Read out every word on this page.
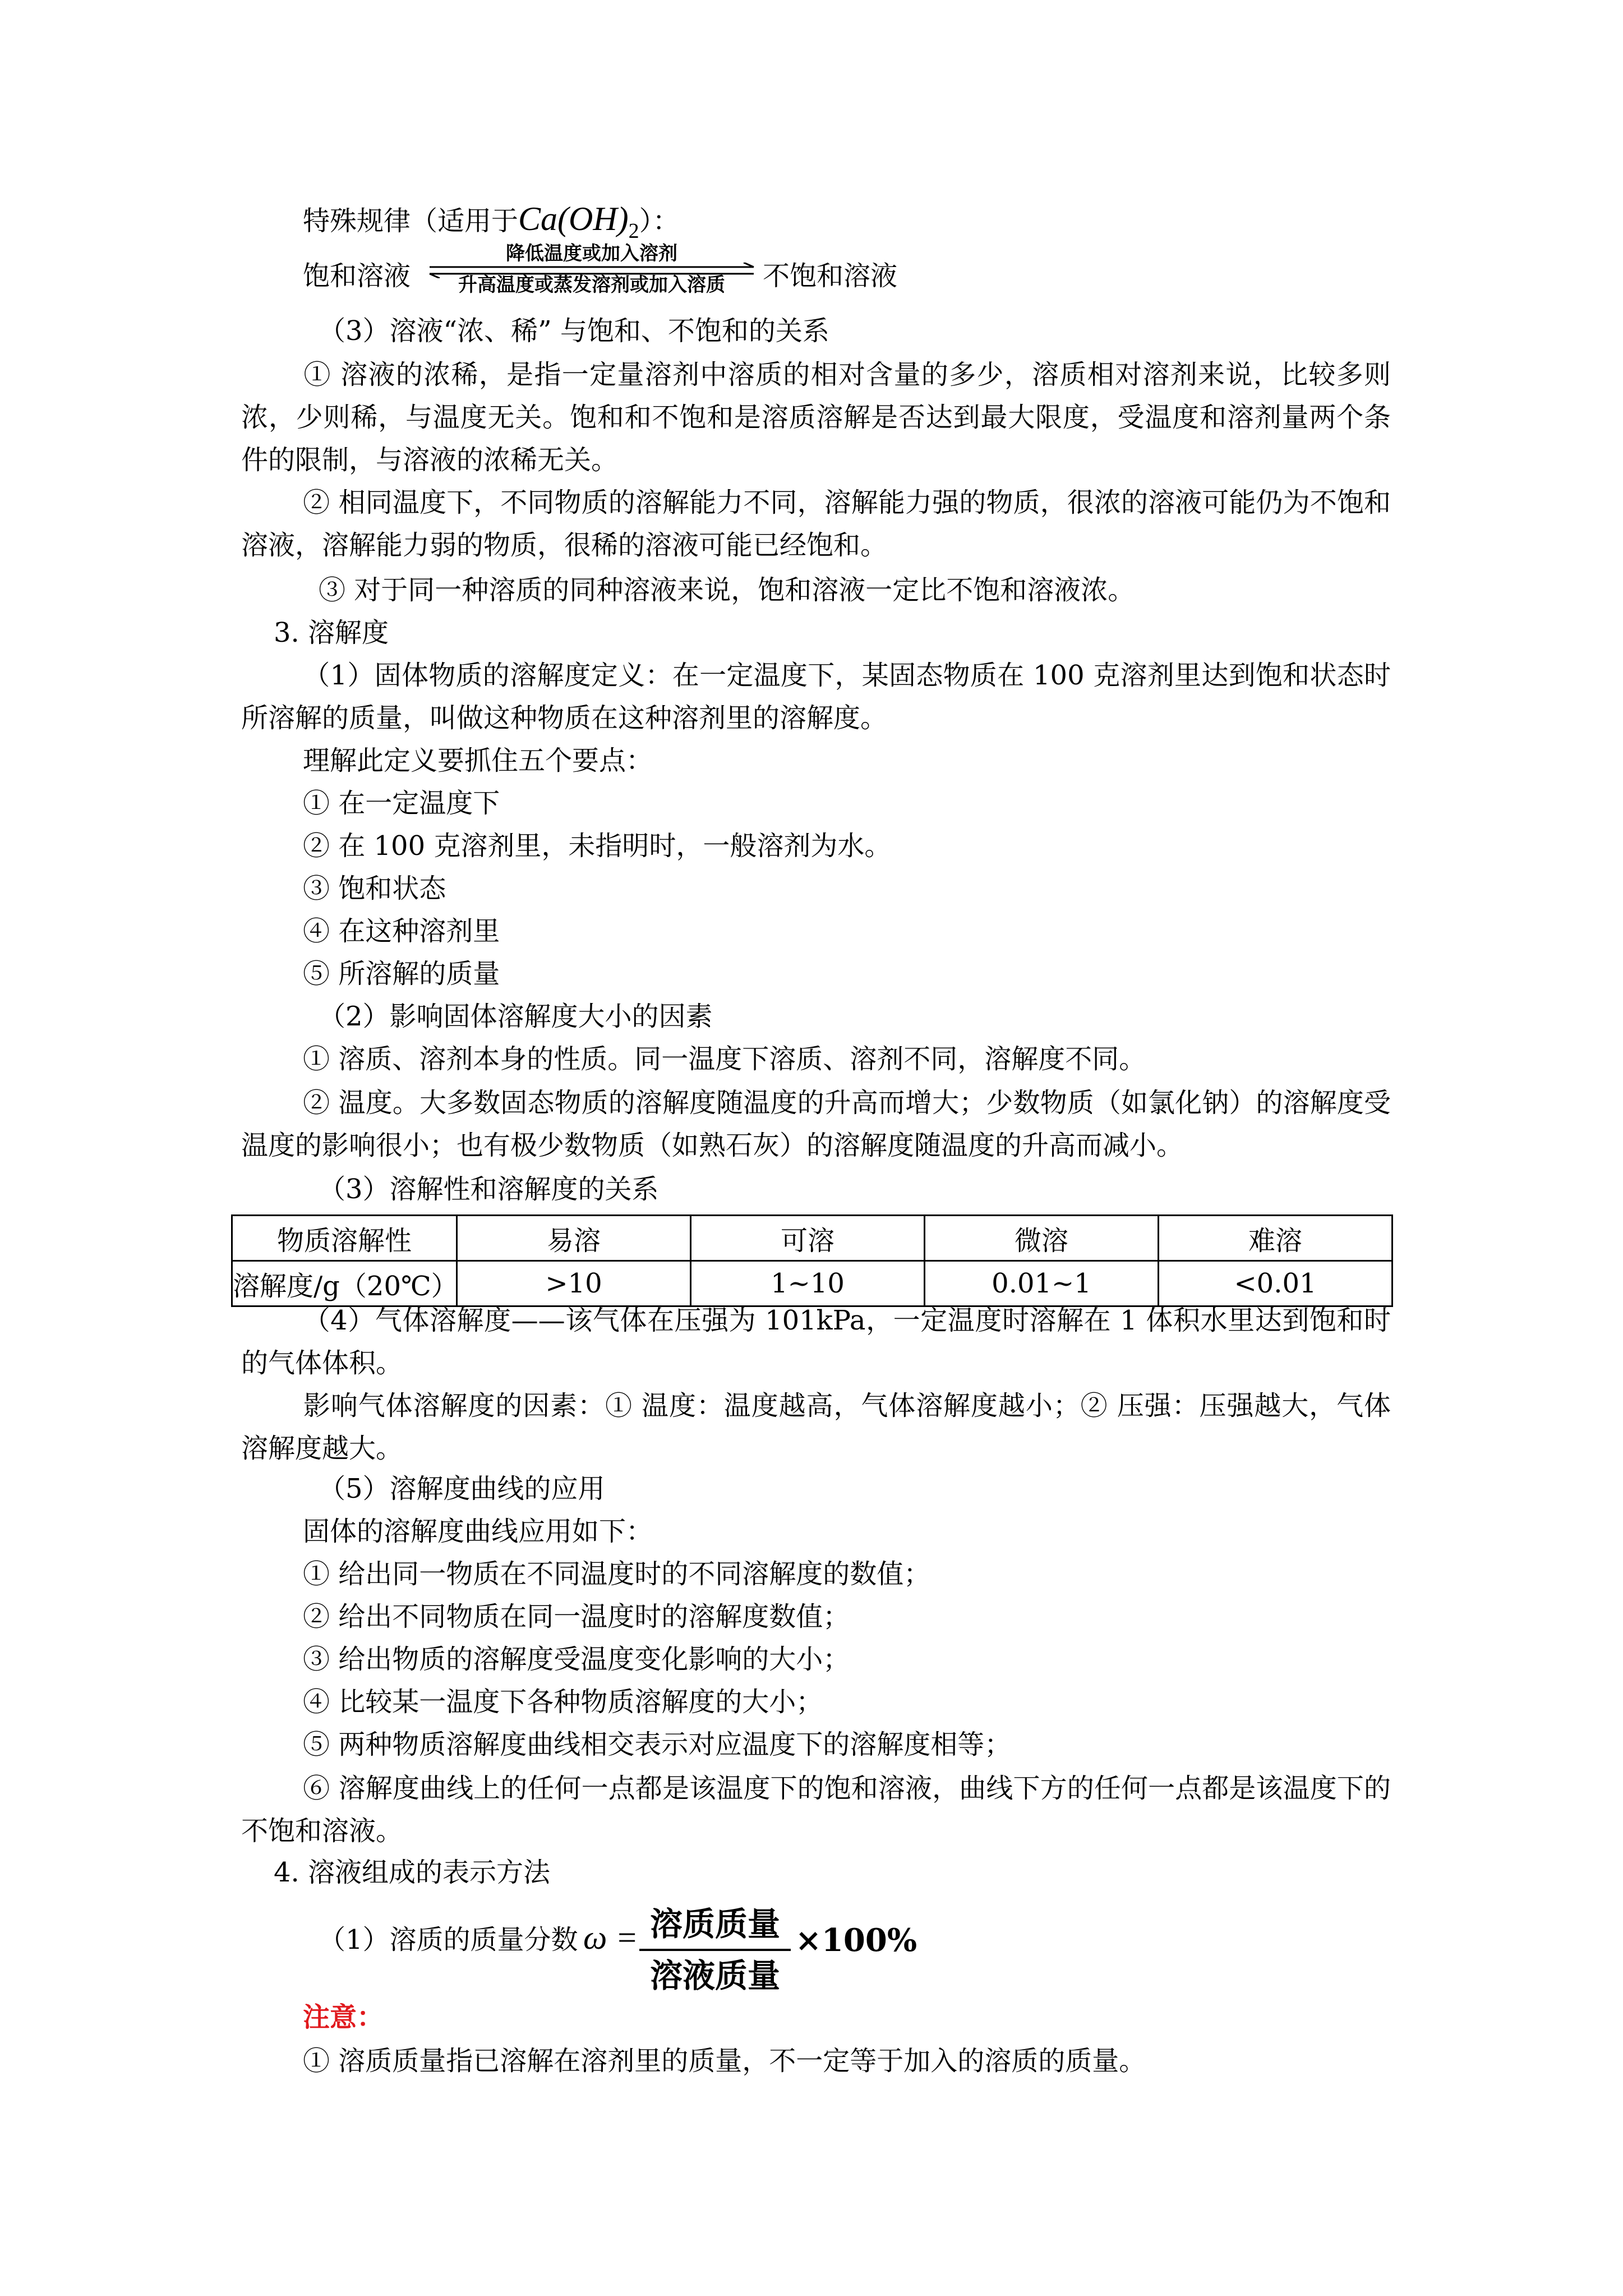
特殊规律（适用于$Ca(OH)_2$）：
饱和溶液
降低温度或加入溶剂
升高温度或蒸发溶剂或加入溶质	不饱和溶液
（3）溶液“浓、稀” 与饱和、不饱和的关系
① 溶液的浓稀，是指一定量溶剂中溶质的相对含量的多少，溶质相对溶剂来说，比较多则浓，少则稀，与温度无关。饱和和不饱和是溶质溶解是否达到最大限度，受温度和溶剂量两个条件的限制，与溶液的浓稀无关。
② 相同温度下，不同物质的溶解能力不同，溶解能力强的物质，很浓的溶液可能仍为不饱和溶液，溶解能力弱的物质，很稀的溶液可能已经饱和。
③ 对于同一种溶质的同种溶液来说，饱和溶液一定比不饱和溶液浓。
3. 溶解度
（1）固体物质的溶解度定义：在一定温度下，某固态物质在 100 克溶剂里达到饱和状态时所溶解的质量，叫做这种物质在这种溶剂里的溶解度。
理解此定义要抓住五个要点：
① 在一定温度下
② 在 100 克溶剂里，未指明时，一般溶剂为水。
③ 饱和状态
④ 在这种溶剂里
⑤ 所溶解的质量
（2）影响固体溶解度大小的因素
① 溶质、溶剂本身的性质。同一温度下溶质、溶剂不同，溶解度不同。
② 温度。大多数固态物质的溶解度随温度的升高而增大；少数物质（如氯化钠）的溶解度受温度的影响很小；也有极少数物质（如熟石灰）的溶解度随温度的升高而减小。
（3）溶解性和溶解度的关系
物质溶解性	易溶	可溶	微溶	难溶
溶解度/g（20℃）	>10	1~10	0.01~1	<0.01
（4）气体溶解度——该气体在压强为 101kPa，一定温度时溶解在 1 体积水里达到饱和时的气体体积。
影响气体溶解度的因素：① 温度：温度越高，气体溶解度越小；② 压强：压强越大，气体溶解度越大。
（5）溶解度曲线的应用
固体的溶解度曲线应用如下：
① 给出同一物质在不同温度时的不同溶解度的数值；
② 给出不同物质在同一温度时的溶解度数值；
③ 给出物质的溶解度受温度变化影响的大小；
④ 比较某一温度下各种物质溶解度的大小；
⑤ 两种物质溶解度曲线相交表示对应温度下的溶解度相等；
⑥ 溶解度曲线上的任何一点都是该温度下的饱和溶液，曲线下方的任何一点都是该温度下的不饱和溶液。
4. 溶液组成的表示方法
（1）溶质的质量分数 ω = 溶质质量
溶液质量
×100%
注意：
① 溶质质量指已溶解在溶剂里的质量，不一定等于加入的溶质的质量。
